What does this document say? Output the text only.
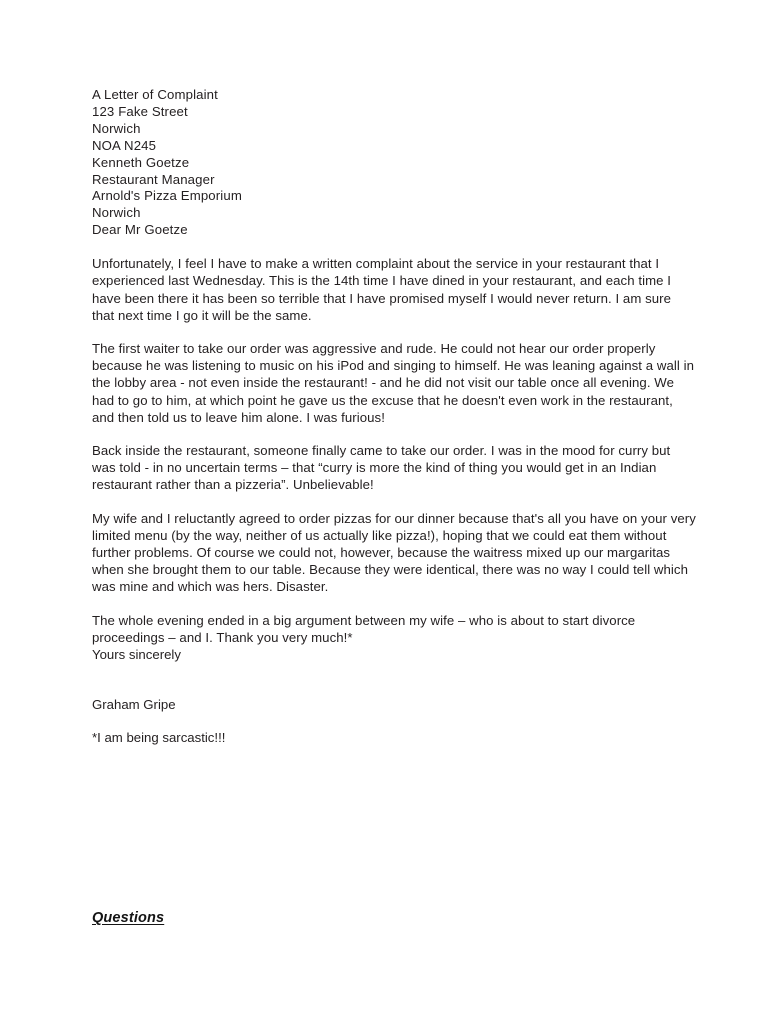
A Letter of Complaint
123 Fake Street
Norwich
NOA N245
Kenneth Goetze
Restaurant Manager
Arnold's Pizza Emporium
Norwich
Dear Mr Goetze

Unfortunately, I feel I have to make a written complaint about the service in your restaurant that I experienced last Wednesday. This is the 14th time I have dined in your restaurant, and each time I have been there it has been so terrible that I have promised myself I would never return. I am sure that next time I go it will be the same.

The first waiter to take our order was aggressive and rude. He could not hear our order properly because he was listening to music on his iPod and singing to himself. He was leaning against a wall in the lobby area - not even inside the restaurant! - and he did not visit our table once all evening. We had to go to him, at which point he gave us the excuse that he doesn't even work in the restaurant, and then told us to leave him alone. I was furious!

Back inside the restaurant, someone finally came to take our order. I was in the mood for curry but was told - in no uncertain terms – that “curry is more the kind of thing you would get in an Indian restaurant rather than a pizzeria”. Unbelievable!

My wife and I reluctantly agreed to order pizzas for our dinner because that's all you have on your very limited menu (by the way, neither of us actually like pizza!), hoping that we could eat them without further problems. Of course we could not, however, because the waitress mixed up our margaritas when she brought them to our table. Because they were identical, there was no way I could tell which was mine and which was hers. Disaster.

The whole evening ended in a big argument between my wife – who is about to start divorce proceedings – and I. Thank you very much!*

Yours sincerely
Graham Gripe
*I am being sarcastic!!!
Questions
